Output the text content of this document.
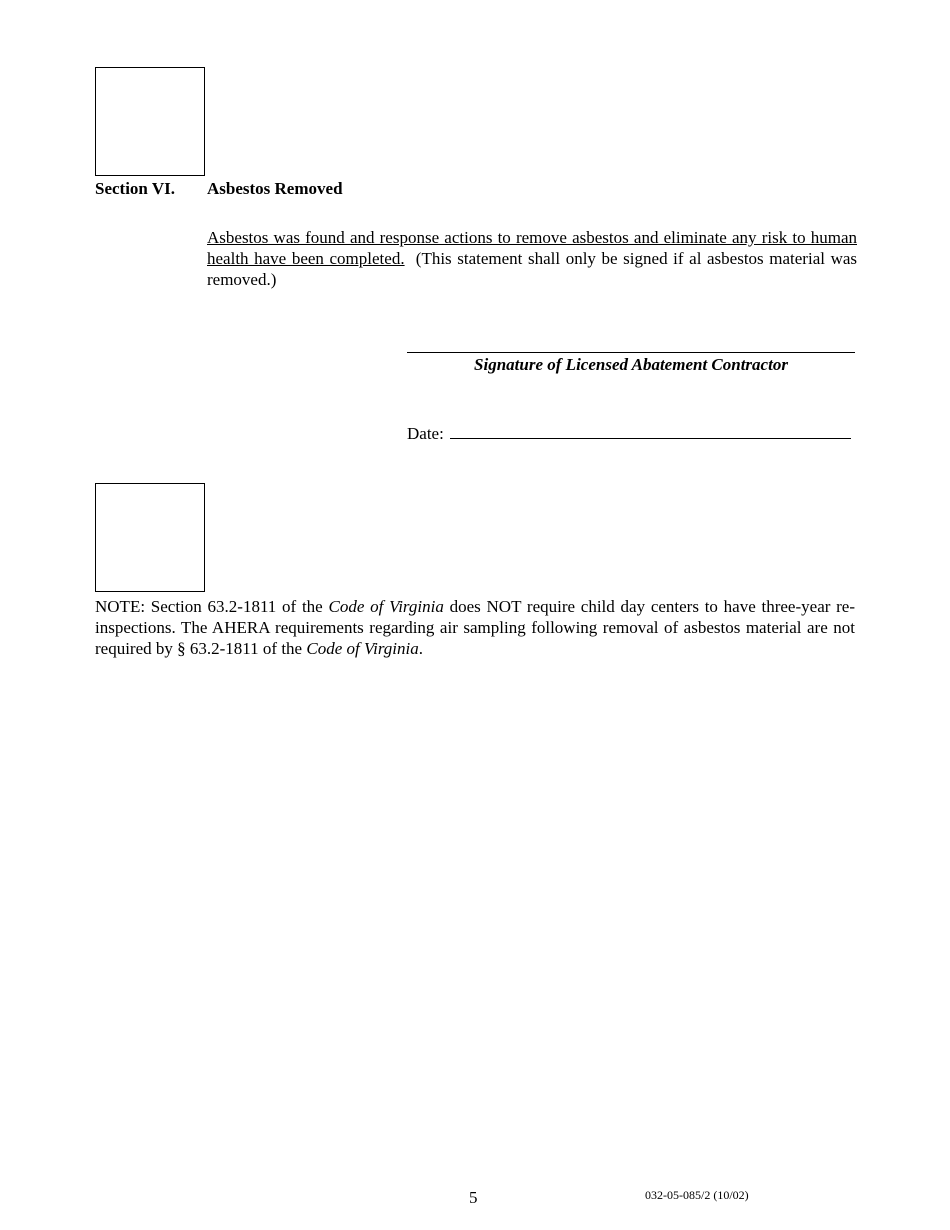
Section VI. Asbestos Removed
Asbestos was found and response actions to remove asbestos and eliminate any risk to human health have been completed. (This statement shall only be signed if al asbestos material was removed.)
Signature of Licensed Abatement Contractor
Date:
NOTE: Section 63.2-1811 of the Code of Virginia does NOT require child day centers to have three-year re-inspections. The AHERA requirements regarding air sampling following removal of asbestos material are not required by § 63.2-1811 of the Code of Virginia.
5	032-05-085/2 (10/02)
